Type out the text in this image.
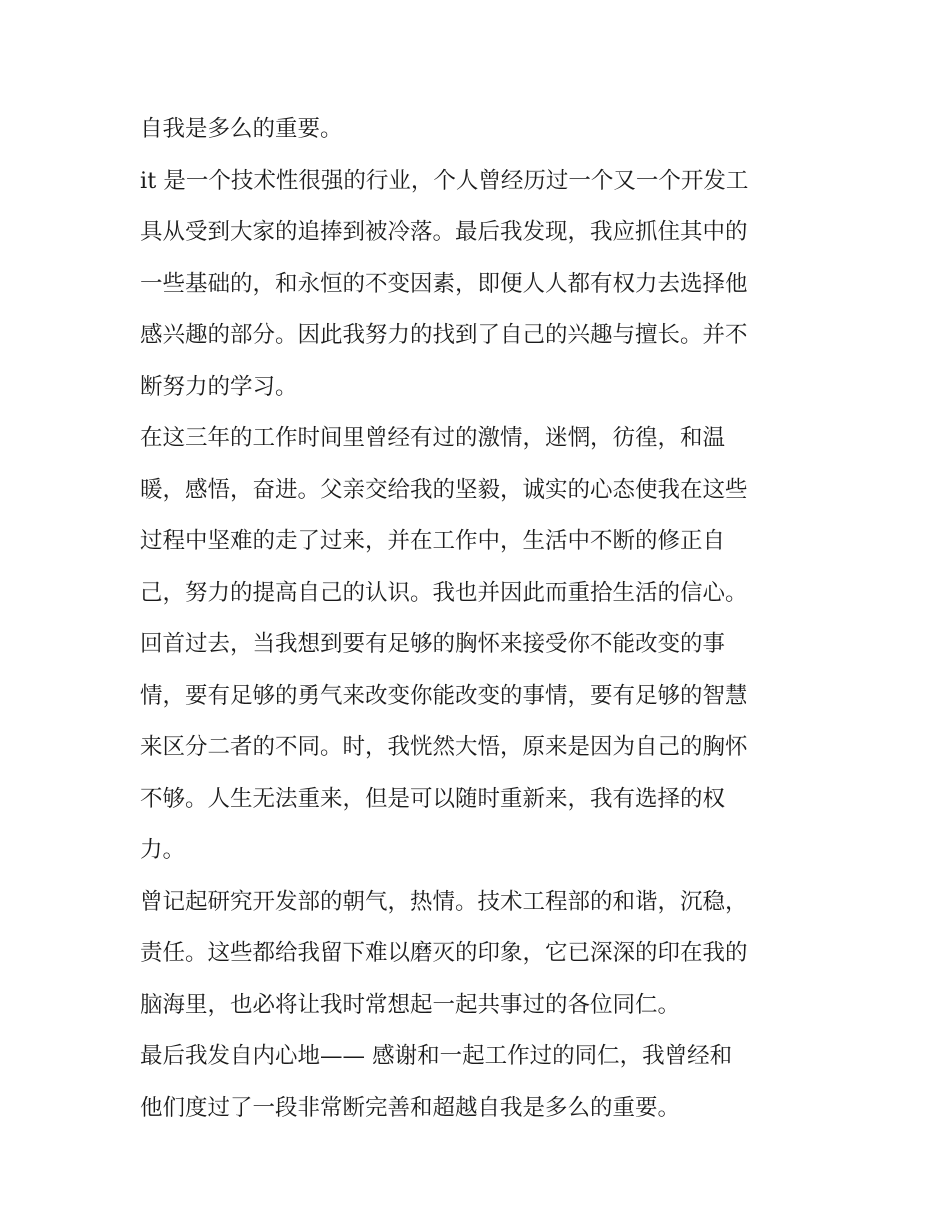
自我是多么的重要。
it 是一个技术性很强的行业，个人曾经历过一个又一个开发工
具从受到大家的追捧到被冷落。最后我发现，我应抓住其中的
一些基础的，和永恒的不变因素，即便人人都有权力去选择他
感兴趣的部分。因此我努力的找到了自己的兴趣与擅长。并不
断努力的学习。
在这三年的工作时间里曾经有过的激情，迷惘，彷徨，和温
暖，感悟，奋进。父亲交给我的坚毅，诚实的心态使我在这些
过程中坚难的走了过来，并在工作中，生活中不断的修正自
己，努力的提高自己的认识。我也并因此而重拾生活的信心。
回首过去，当我想到要有足够的胸怀来接受你不能改变的事
情，要有足够的勇气来改变你能改变的事情，要有足够的智慧
来区分二者的不同。时，我恍然大悟，原来是因为自己的胸怀
不够。人生无法重来，但是可以随时重新来，我有选择的权
力。
曾记起研究开发部的朝气，热情。技术工程部的和谐，沉稳，
责任。这些都给我留下难以磨灭的印象，它已深深的印在我的
脑海里，也必将让我时常想起一起共事过的各位同仁。
最后我发自内心地—— 感谢和一起工作过的同仁，我曾经和
他们度过了一段非常断完善和超越自我是多么的重要。
